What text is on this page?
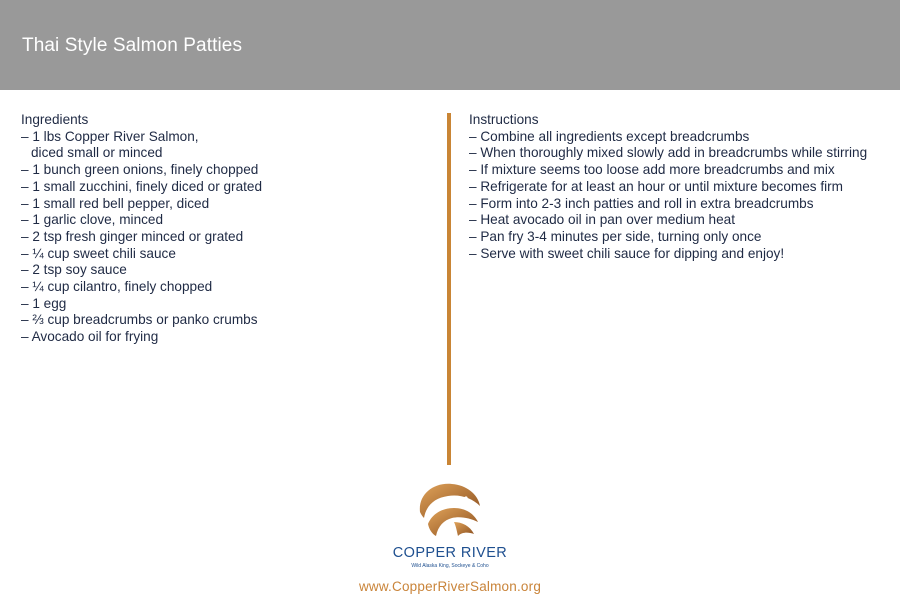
Thai Style Salmon Patties
Ingredients
– 1 lbs Copper River Salmon,
diced small or minced
– 1 bunch green onions, finely chopped
– 1 small zucchini, finely diced or grated
– 1 small red bell pepper, diced
– 1 garlic clove, minced
– 2 tsp fresh ginger minced or grated
– ¼ cup sweet chili sauce
– 2 tsp soy sauce
– ¼ cup cilantro, finely chopped
– 1 egg
– ⅔ cup breadcrumbs or panko crumbs
– Avocado oil for frying
Instructions
– Combine all ingredients except breadcrumbs
– When thoroughly mixed slowly add in breadcrumbs while stirring
– If mixture seems too loose add more breadcrumbs and mix
– Refrigerate for at least an hour or until mixture becomes firm
– Form into 2-3 inch patties and roll in extra breadcrumbs
– Heat avocado oil in pan over medium heat
– Pan fry 3-4 minutes per side, turning only once
– Serve with sweet chili sauce for dipping and enjoy!
COPPER RIVER
Wild Alaska King, Sockeye & Coho
www.CopperRiverSalmon.org
